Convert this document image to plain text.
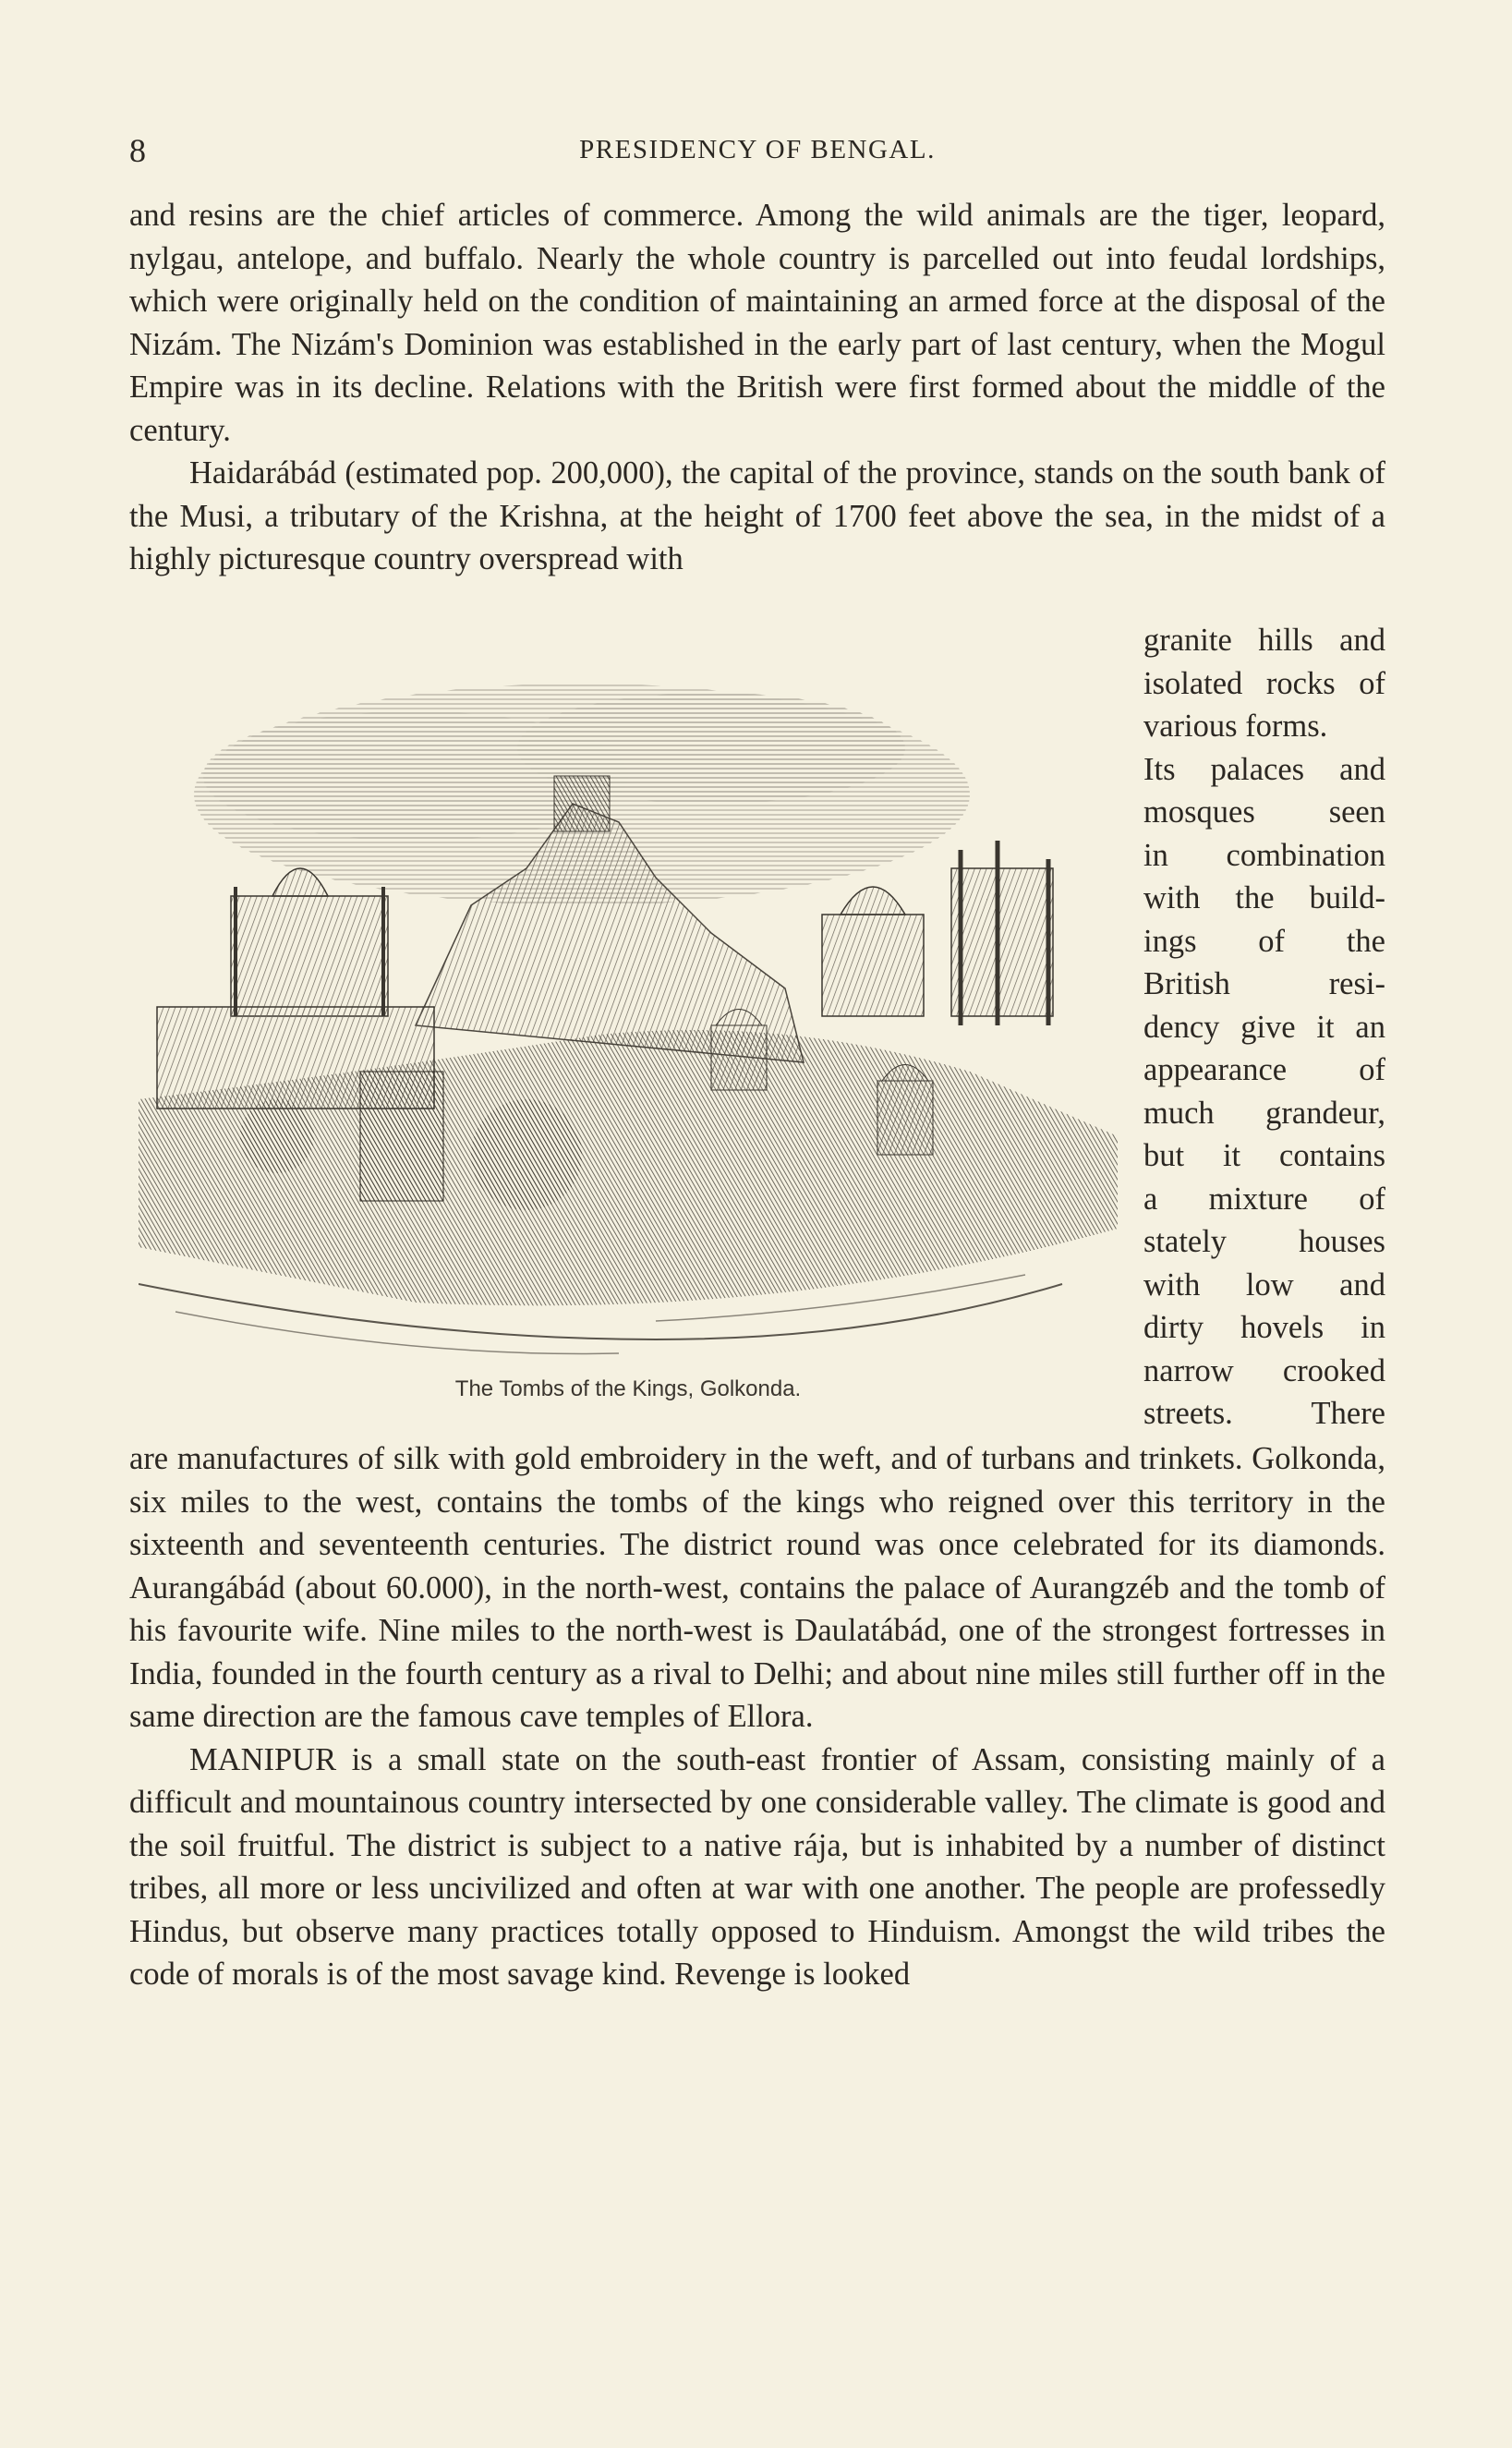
8	PRESIDENCY OF BENGAL.

and resins are the chief articles of commerce. Among the wild animals are the tiger, leopard, nylgau, antelope, and buffalo. Nearly the whole country is parcelled out into feudal lordships, which were originally held on the condition of maintaining an armed force at the disposal of the Nizám. The Nizám's Dominion was established in the early part of last century, when the Mogul Empire was in its decline. Relations with the British were first formed about the middle of the century.

Haidarábád (estimated pop. 200,000), the capital of the province, stands on the south bank of the Musi, a tributary of the Krishna, at the height of 1700 feet above the sea, in the midst of a highly picturesque country overspread with

The Tombs of the Kings, Golkonda.
granite hills and
isolated rocks of
various forms.
Its palaces and
mosques seen
in combination
with the build-
ings of the
British resi-
dency give it an
appearance of
much grandeur,
but it contains
a mixture of
stately houses
with low and
dirty hovels in
narrow crooked
streets. There

are manufactures of silk with gold embroidery in the weft, and of turbans and trinkets. Golkonda, six miles to the west, contains the tombs of the kings who reigned over this territory in the sixteenth and seventeenth centuries. The district round was once celebrated for its diamonds. Aurangábád (about 60.000), in the north-west, contains the palace of Aurangzéb and the tomb of his favourite wife. Nine miles to the north-west is Daulatábád, one of the strongest fortresses in India, founded in the fourth century as a rival to Delhi; and about nine miles still further off in the same direction are the famous cave temples of Ellora.

MANIPUR is a small state on the south-east frontier of Assam, consisting mainly of a difficult and mountainous country intersected by one considerable valley. The climate is good and the soil fruitful. The district is subject to a native rája, but is inhabited by a number of distinct tribes, all more or less uncivilized and often at war with one another. The people are professedly Hindus, but observe many practices totally opposed to Hinduism. Amongst the wild tribes the code of morals is of the most savage kind. Revenge is looked
